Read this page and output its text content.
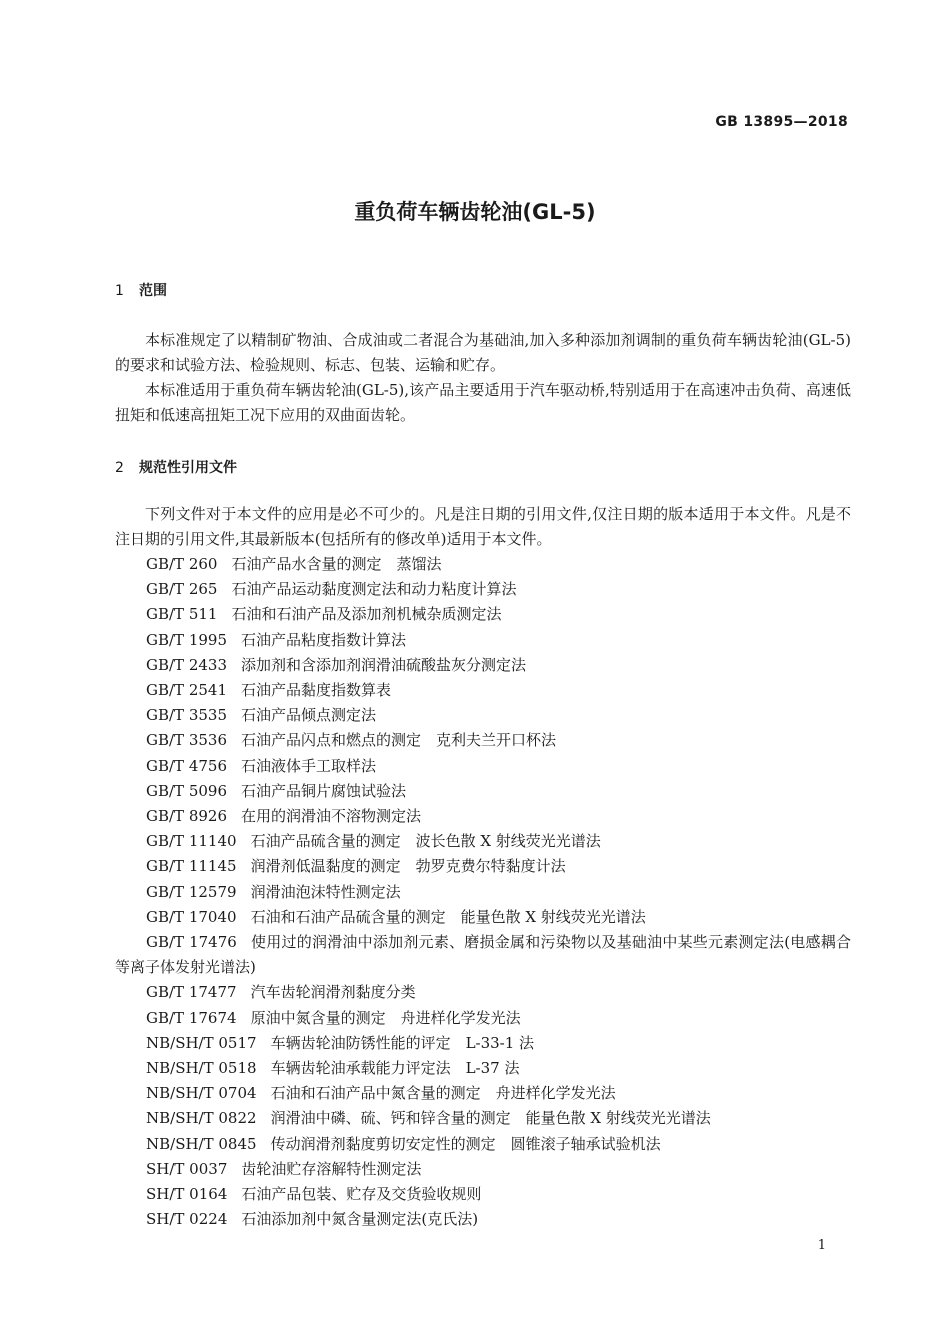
GB 13895—2018
重负荷车辆齿轮油(GL-5)
1 范围

本标准规定了以精制矿物油、合成油或二者混合为基础油,加入多种添加剂调制的重负荷车辆齿轮油(GL-5)的要求和试验方法、检验规则、标志、包装、运输和贮存。

本标准适用于重负荷车辆齿轮油(GL-5),该产品主要适用于汽车驱动桥,特别适用于在高速冲击负荷、高速低扭矩和低速高扭矩工况下应用的双曲面齿轮。

2 规范性引用文件

下列文件对于本文件的应用是必不可少的。凡是注日期的引用文件,仅注日期的版本适用于本文件。凡是不注日期的引用文件,其最新版本(包括所有的修改单)适用于本文件。

GB/T 260 石油产品水含量的测定　蒸馏法
GB/T 265 石油产品运动黏度测定法和动力粘度计算法
GB/T 511 石油和石油产品及添加剂机械杂质测定法
GB/T 1995 石油产品粘度指数计算法
GB/T 2433 添加剂和含添加剂润滑油硫酸盐灰分测定法
GB/T 2541 石油产品黏度指数算表
GB/T 3535 石油产品倾点测定法
GB/T 3536 石油产品闪点和燃点的测定　克利夫兰开口杯法
GB/T 4756 石油液体手工取样法
GB/T 5096 石油产品铜片腐蚀试验法
GB/T 8926 在用的润滑油不溶物测定法
GB/T 11140 石油产品硫含量的测定　波长色散 X 射线荧光光谱法
GB/T 11145 润滑剂低温黏度的测定　勃罗克费尔特黏度计法
GB/T 12579 润滑油泡沫特性测定法
GB/T 17040 石油和石油产品硫含量的测定　能量色散 X 射线荧光光谱法
GB/T 17476 使用过的润滑油中添加剂元素、磨损金属和污染物以及基础油中某些元素测定法(电感耦合等离子体发射光谱法)
GB/T 17477 汽车齿轮润滑剂黏度分类
GB/T 17674 原油中氮含量的测定　舟进样化学发光法
NB/SH/T 0517 车辆齿轮油防锈性能的评定　L-33-1 法
NB/SH/T 0518 车辆齿轮油承载能力评定法　L-37 法
NB/SH/T 0704 石油和石油产品中氮含量的测定　舟进样化学发光法
NB/SH/T 0822 润滑油中磷、硫、钙和锌含量的测定　能量色散 X 射线荧光光谱法
NB/SH/T 0845 传动润滑剂黏度剪切安定性的测定　圆锥滚子轴承试验机法
SH/T 0037 齿轮油贮存溶解特性测定法
SH/T 0164 石油产品包装、贮存及交货验收规则
SH/T 0224 石油添加剂中氮含量测定法(克氏法)
1
